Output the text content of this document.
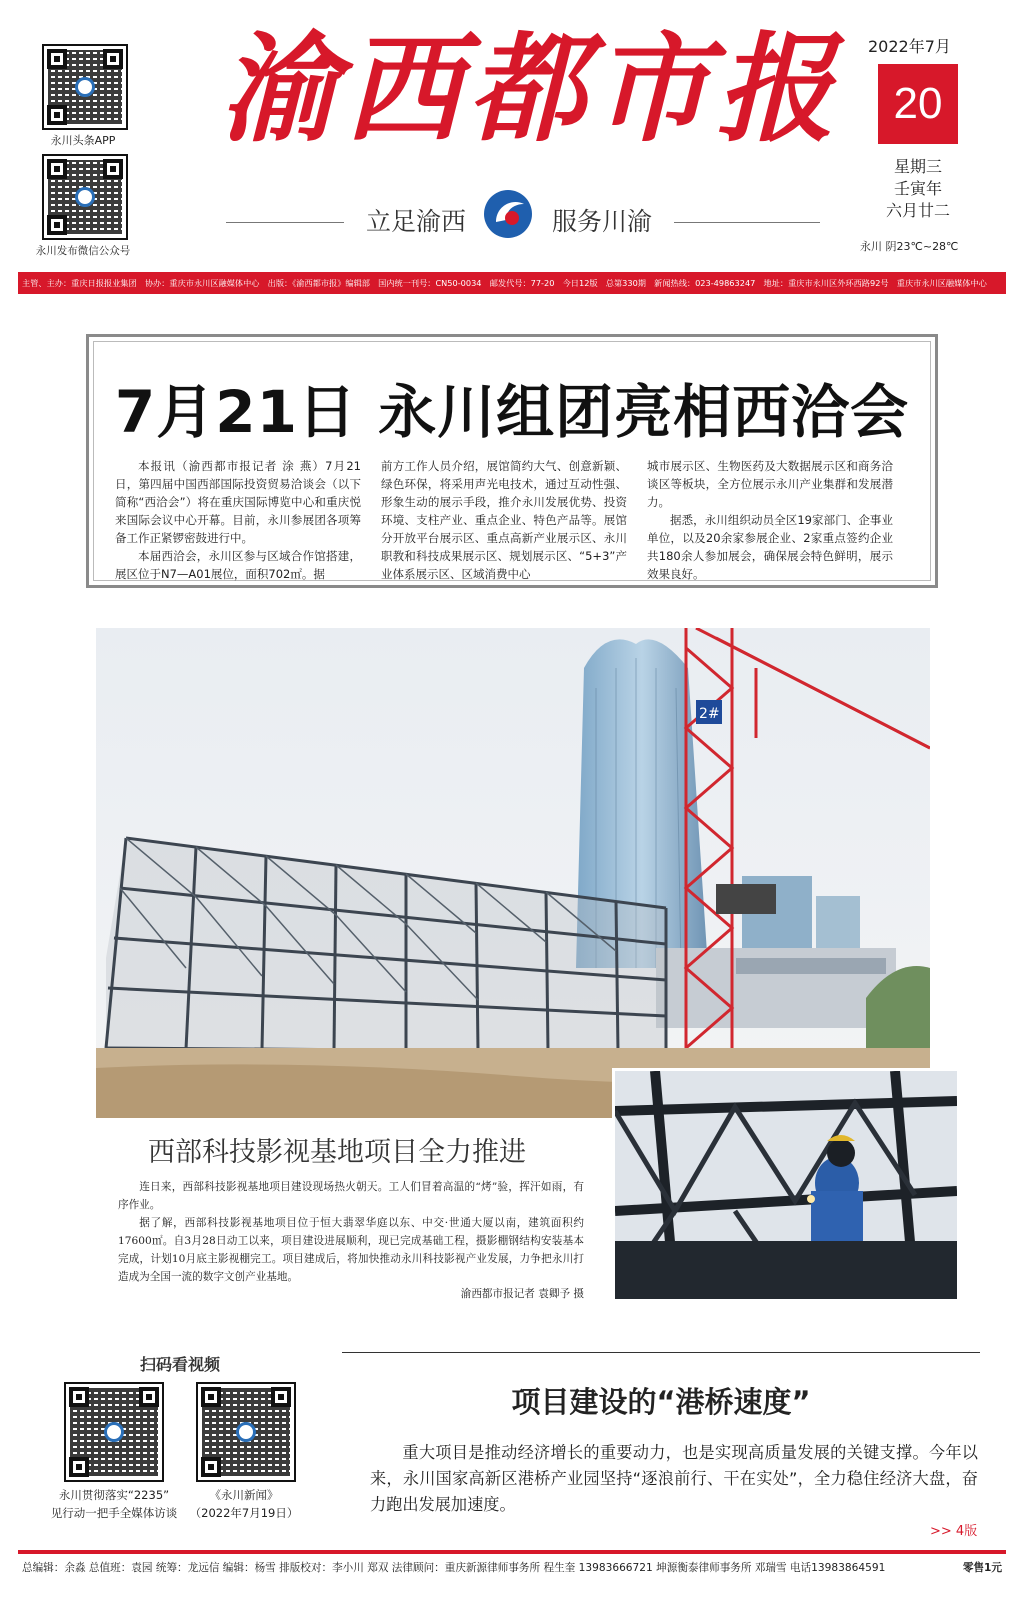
永川头条APP
永川发布微信公众号
渝西都市报
立足渝西	服务川渝
2022年7月
20
星期三
壬寅年
六月廿二
永川 阴23℃~28℃
主管、主办：重庆日报报业集团　协办：重庆市永川区融媒体中心　出版：《渝西都市报》编辑部　国内统一刊号：CN50-0034　邮发代号：77-20　今日12版　总第330期　新闻热线：023-49863247　地址：重庆市永川区外环西路92号　重庆市永川区融媒体中心
7月21日 永川组团亮相西洽会

本报讯（渝西都市报记者 涂 燕）7月21日，第四届中国西部国际投资贸易洽谈会（以下简称“西洽会”）将在重庆国际博览中心和重庆悦来国际会议中心开幕。目前，永川参展团各项筹备工作正紧锣密鼓进行中。

本届西洽会，永川区参与区域合作馆搭建，展区位于N7—A01展位，面积702㎡。据

前方工作人员介绍，展馆简约大气、创意新颖、绿色环保，将采用声光电技术，通过互动性强、形象生动的展示手段，推介永川发展优势、投资环境、支柱产业、重点企业、特色产品等。展馆分开放平台展示区、重点高新产业展示区、永川职教和科技成果展示区、规划展示区、“5+3”产业体系展示区、区域消费中心

城市展示区、生物医药及大数据展示区和商务洽谈区等板块，全方位展示永川产业集群和发展潜力。

据悉，永川组织动员全区19家部门、企事业单位，以及20余家参展企业、2家重点签约企业共180余人参加展会，确保展会特色鲜明，展示效果良好。

2#
西部科技影视基地项目全力推进

连日来，西部科技影视基地项目建设现场热火朝天。工人们冒着高温的“烤”验，挥汗如雨，有序作业。

据了解，西部科技影视基地项目位于恒大翡翠华庭以东、中交·世通大厦以南，建筑面积约17600㎡。自3月28日动工以来，项目建设进展顺利，现已完成基础工程，摄影棚钢结构安装基本完成，计划10月底主影视棚完工。项目建成后，将加快推动永川科技影视产业发展，力争把永川打造成为全国一流的数字文创产业基地。

渝西都市报记者 袁卿予 摄
扫码看视频
永川贯彻落实“2235”
见行动一把手全媒体访谈
《永川新闻》
（2022年7月19日）
项目建设的“港桥速度”

重大项目是推动经济增长的重要动力，也是实现高质量发展的关键支撑。今年以来，永川国家高新区港桥产业园坚持“逐浪前行、干在实处”，全力稳住经济大盘，奋力跑出发展加速度。

>> 4版
总编辑：余淼 总值班：袁园 统筹：龙远信 编辑：杨雪 排版校对：李小川 郑双 法律顾问：重庆新源律师事务所 程生奎 13983666721 坤源衡泰律师事务所 邓瑞雪 电话13983864591	零售1元
